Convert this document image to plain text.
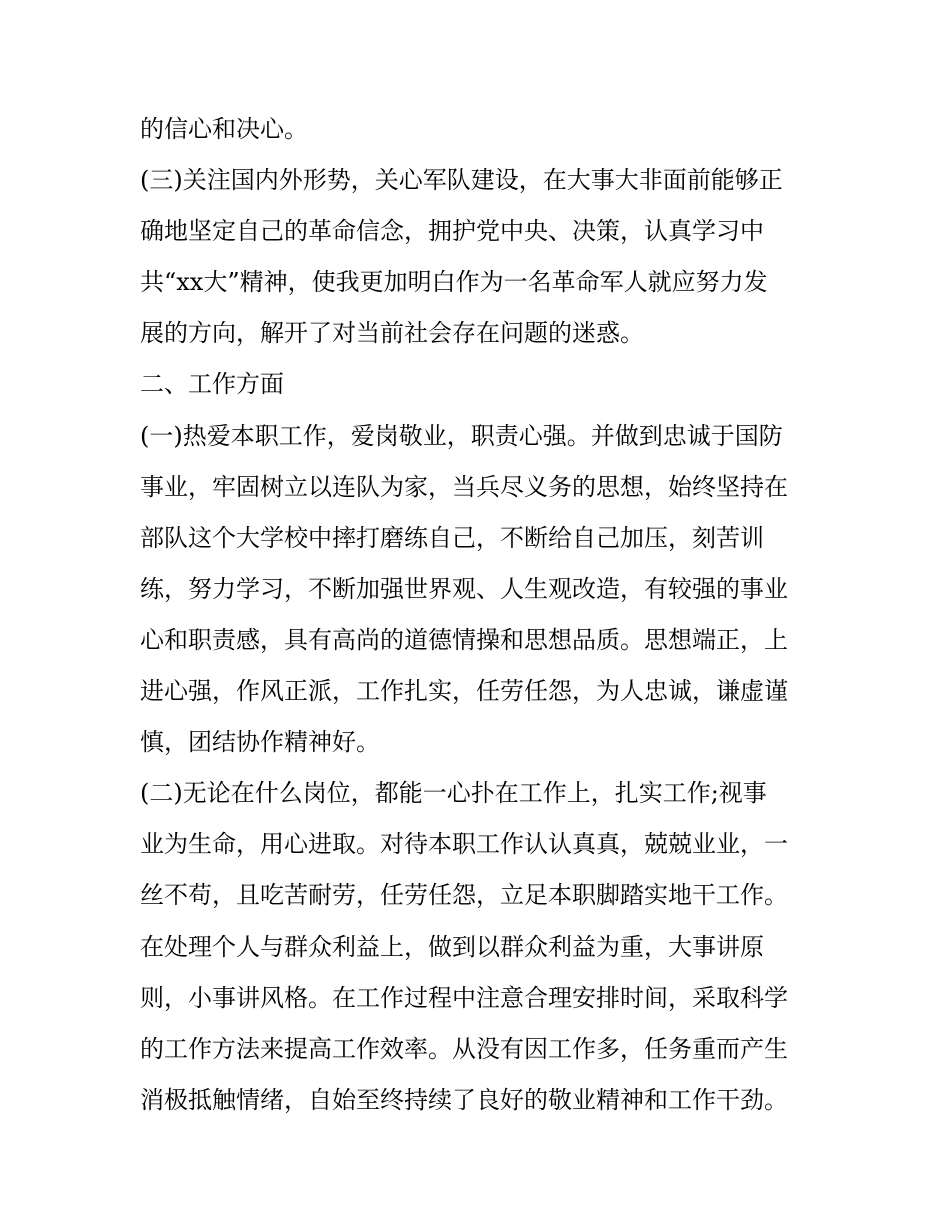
的信心和决心。
(三)关注国内外形势，关心军队建设，在大事大非面前能够正
确地坚定自己的革命信念，拥护党中央、决策，认真学习中
共“xx大”精神，使我更加明白作为一名革命军人就应努力发
展的方向，解开了对当前社会存在问题的迷惑。
二、工作方面
(一)热爱本职工作，爱岗敬业，职责心强。并做到忠诚于国防
事业，牢固树立以连队为家，当兵尽义务的思想，始终坚持在
部队这个大学校中摔打磨练自己，不断给自己加压，刻苦训
练，努力学习，不断加强世界观、人生观改造，有较强的事业
心和职责感，具有高尚的道德情操和思想品质。思想端正，上
进心强，作风正派，工作扎实，任劳任怨，为人忠诚，谦虚谨
慎，团结协作精神好。
(二)无论在什么岗位，都能一心扑在工作上，扎实工作;视事
业为生命，用心进取。对待本职工作认认真真，兢兢业业，一
丝不苟，且吃苦耐劳，任劳任怨，立足本职脚踏实地干工作。
在处理个人与群众利益上，做到以群众利益为重，大事讲原
则，小事讲风格。在工作过程中注意合理安排时间，采取科学
的工作方法来提高工作效率。从没有因工作多，任务重而产生
消极抵触情绪，自始至终持续了良好的敬业精神和工作干劲。
